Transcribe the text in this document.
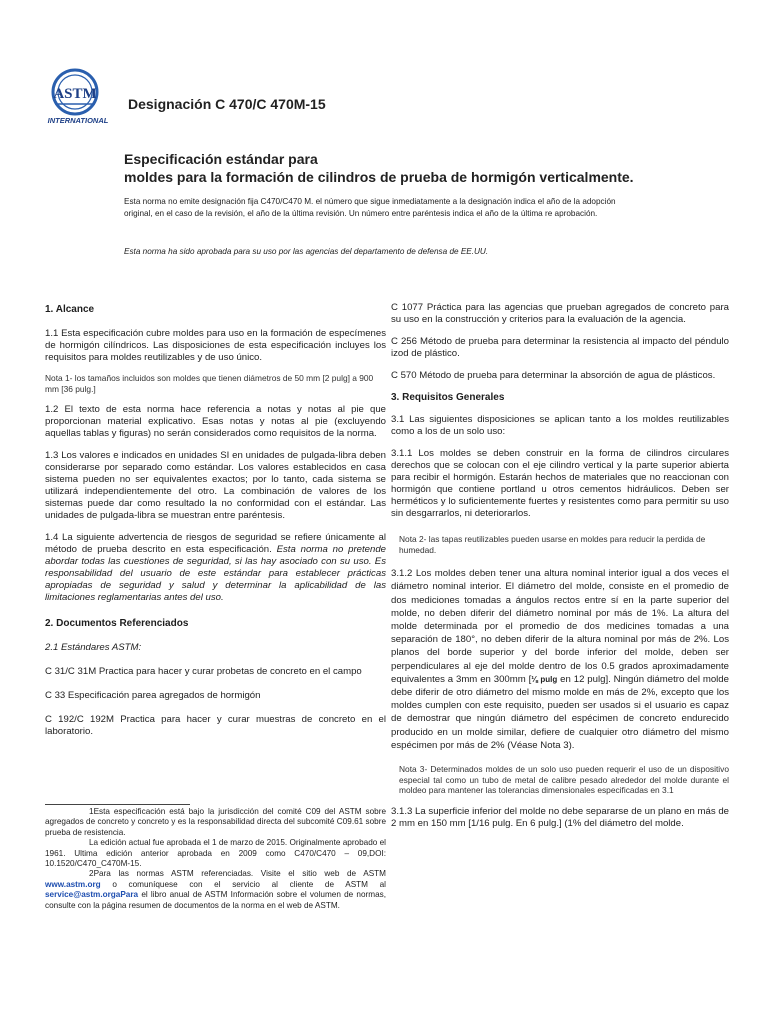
ASTM
INTERNATIONAL
Designación C 470/C 470M-15

Especificación estándar para

moldes para la formación de cilindros de prueba de hormigón verticalmente.

Esta norma no emite designación fija C470/C470 M. el número que sigue inmediatamente a la designación indica el año de la adopción original, en el caso de la revisión, el año de la última revisión. Un número entre paréntesis indica el año de la última re aprobación.

Esta norma ha sido aprobada para su uso por las agencias del departamento de defensa de EE.UU.

1. Alcance

1.1 Esta especificación cubre moldes para uso en la formación de especímenes de hormigón cilíndricos. Las disposiciones de esta especificación incluyes los requisitos para moldes reutilizables y de uso único.

Nota 1- los tamaños incluidos son moldes que tienen diámetros de 50 mm [2 pulg] a 900 mm [36 pulg.]

1.2 El texto de esta norma hace referencia a notas y notas al pie que proporcionan material explicativo. Esas notas y notas al pie (excluyendo aquellas tablas y figuras) no serán considerados como requisitos de la norma.

1.3 Los valores e indicados en unidades SI en unidades de pulgada-libra deben considerarse por separado como estándar. Los valores establecidos en casa sistema pueden no ser equivalentes exactos; por lo tanto, cada sistema se utilizará independientemente del otro. La combinación de valores de los sistemas puede dar como resultado la no conformidad con el estándar. Las unidades de pulgada-libra se muestran entre paréntesis.

1.4 La siguiente advertencia de riesgos de seguridad se refiere únicamente al método de prueba descrito en esta especificación. Esta norma no pretende abordar todas las cuestiones de seguridad, si las hay asociado con su uso. Es responsabilidad del usuario de este estándar para establecer prácticas apropiadas de seguridad y salud y determinar la aplicabilidad de las limitaciones reglamentarias antes del uso.

2. Documentos Referenciados

2.1 Estándares ASTM:

C 31/C 31M Practica para hacer y curar probetas de concreto en el campo

C 33 Especificación parea agregados de hormigón

C 192/C 192M Practica para hacer y curar muestras de concreto en el laboratorio.

1Esta especificación está bajo la jurisdicción del comité C09 del ASTM sobre agregados de concreto y concreto y es la responsabilidad directa del subcomité C09.61 sobre prueba de resistencia.

La edición actual fue aprobada el 1 de marzo de 2015. Originalmente aprobado el 1961. Ultima edición anterior aprobada en 2009 como C470/C470 – 09,DOI: 10.1520/C470_C470M-15.

2Para las normas ASTM referenciadas. Visite el sitio web de ASTM www.astm.org o comuníquese con el servicio al cliente de ASTM al service@astm.orgaPara el libro anual de ASTM Información sobre el volumen de normas, consulte con la página resumen de documentos de la norma en el web de ASTM.

C 1077 Práctica para las agencias que prueban agregados de concreto para su uso en la construcción y criterios para la evaluación de la agencia.

C 256 Método de prueba para determinar la resistencia al impacto del péndulo izod de plástico.

C 570 Método de prueba para determinar la absorción de agua de plásticos.

3. Requisitos Generales

3.1 Las siguientes disposiciones se aplican tanto a los moldes reutilizables como a los de un solo uso:

3.1.1 Los moldes se deben construir en la forma de cilindros circulares derechos que se colocan con el eje cilindro vertical y la parte superior abierta para recibir el hormigón. Estarán hechos de materiales que no reaccionan con hormigón que contiene portland u otros cementos hidráulicos. Deben ser herméticos y lo suficientemente fuertes y resistentes como para permitir su uso sin desgarrarlos, ni deteriorarlos.

Nota 2- las tapas reutilizables pueden usarse en moldes para reducir la perdida de humedad.

3.1.2 Los moldes deben tener una altura nominal interior igual a dos veces el diámetro nominal interior. El diámetro del molde, consiste en el promedio de dos mediciones tomadas a ángulos rectos entre sí en la parte superior del molde, no deben diferir del diámetro nominal por más de 1%. La altura del molde determinada por el promedio de dos medicines tomadas a una separación de 180°, no deben diferir de la altura nominal por más de 2%. Los planos del borde superior y del borde inferior del molde, deben ser perpendiculares al eje del molde dentro de los 0.5 grados aproximadamente equivalentes a 3mm en 300mm [⅛ pulg en 12 pulg]. Ningún diámetro del molde debe diferir de otro diámetro del mismo molde en más de 2%, excepto que los moldes cumplen con este requisito, pueden ser usados si el usuario es capaz de demostrar que ningún diámetro del espécimen de concreto endurecido producido en un molde similar, defiere de cualquier otro diámetro del mismo espécimen por más de 2% (Véase Nota 3).

Nota 3- Determinados moldes de un solo uso pueden requerir el uso de un dispositivo especial tal como un tubo de metal de calibre pesado alrededor del molde durante el moldeo para mantener las tolerancias dimensionales especificadas en 3.1

3.1.3 La superficie inferior del molde no debe separarse de un plano en más de 2 mm en 150 mm [1/16 pulg. En 6 pulg.] (1% del diámetro del molde.
